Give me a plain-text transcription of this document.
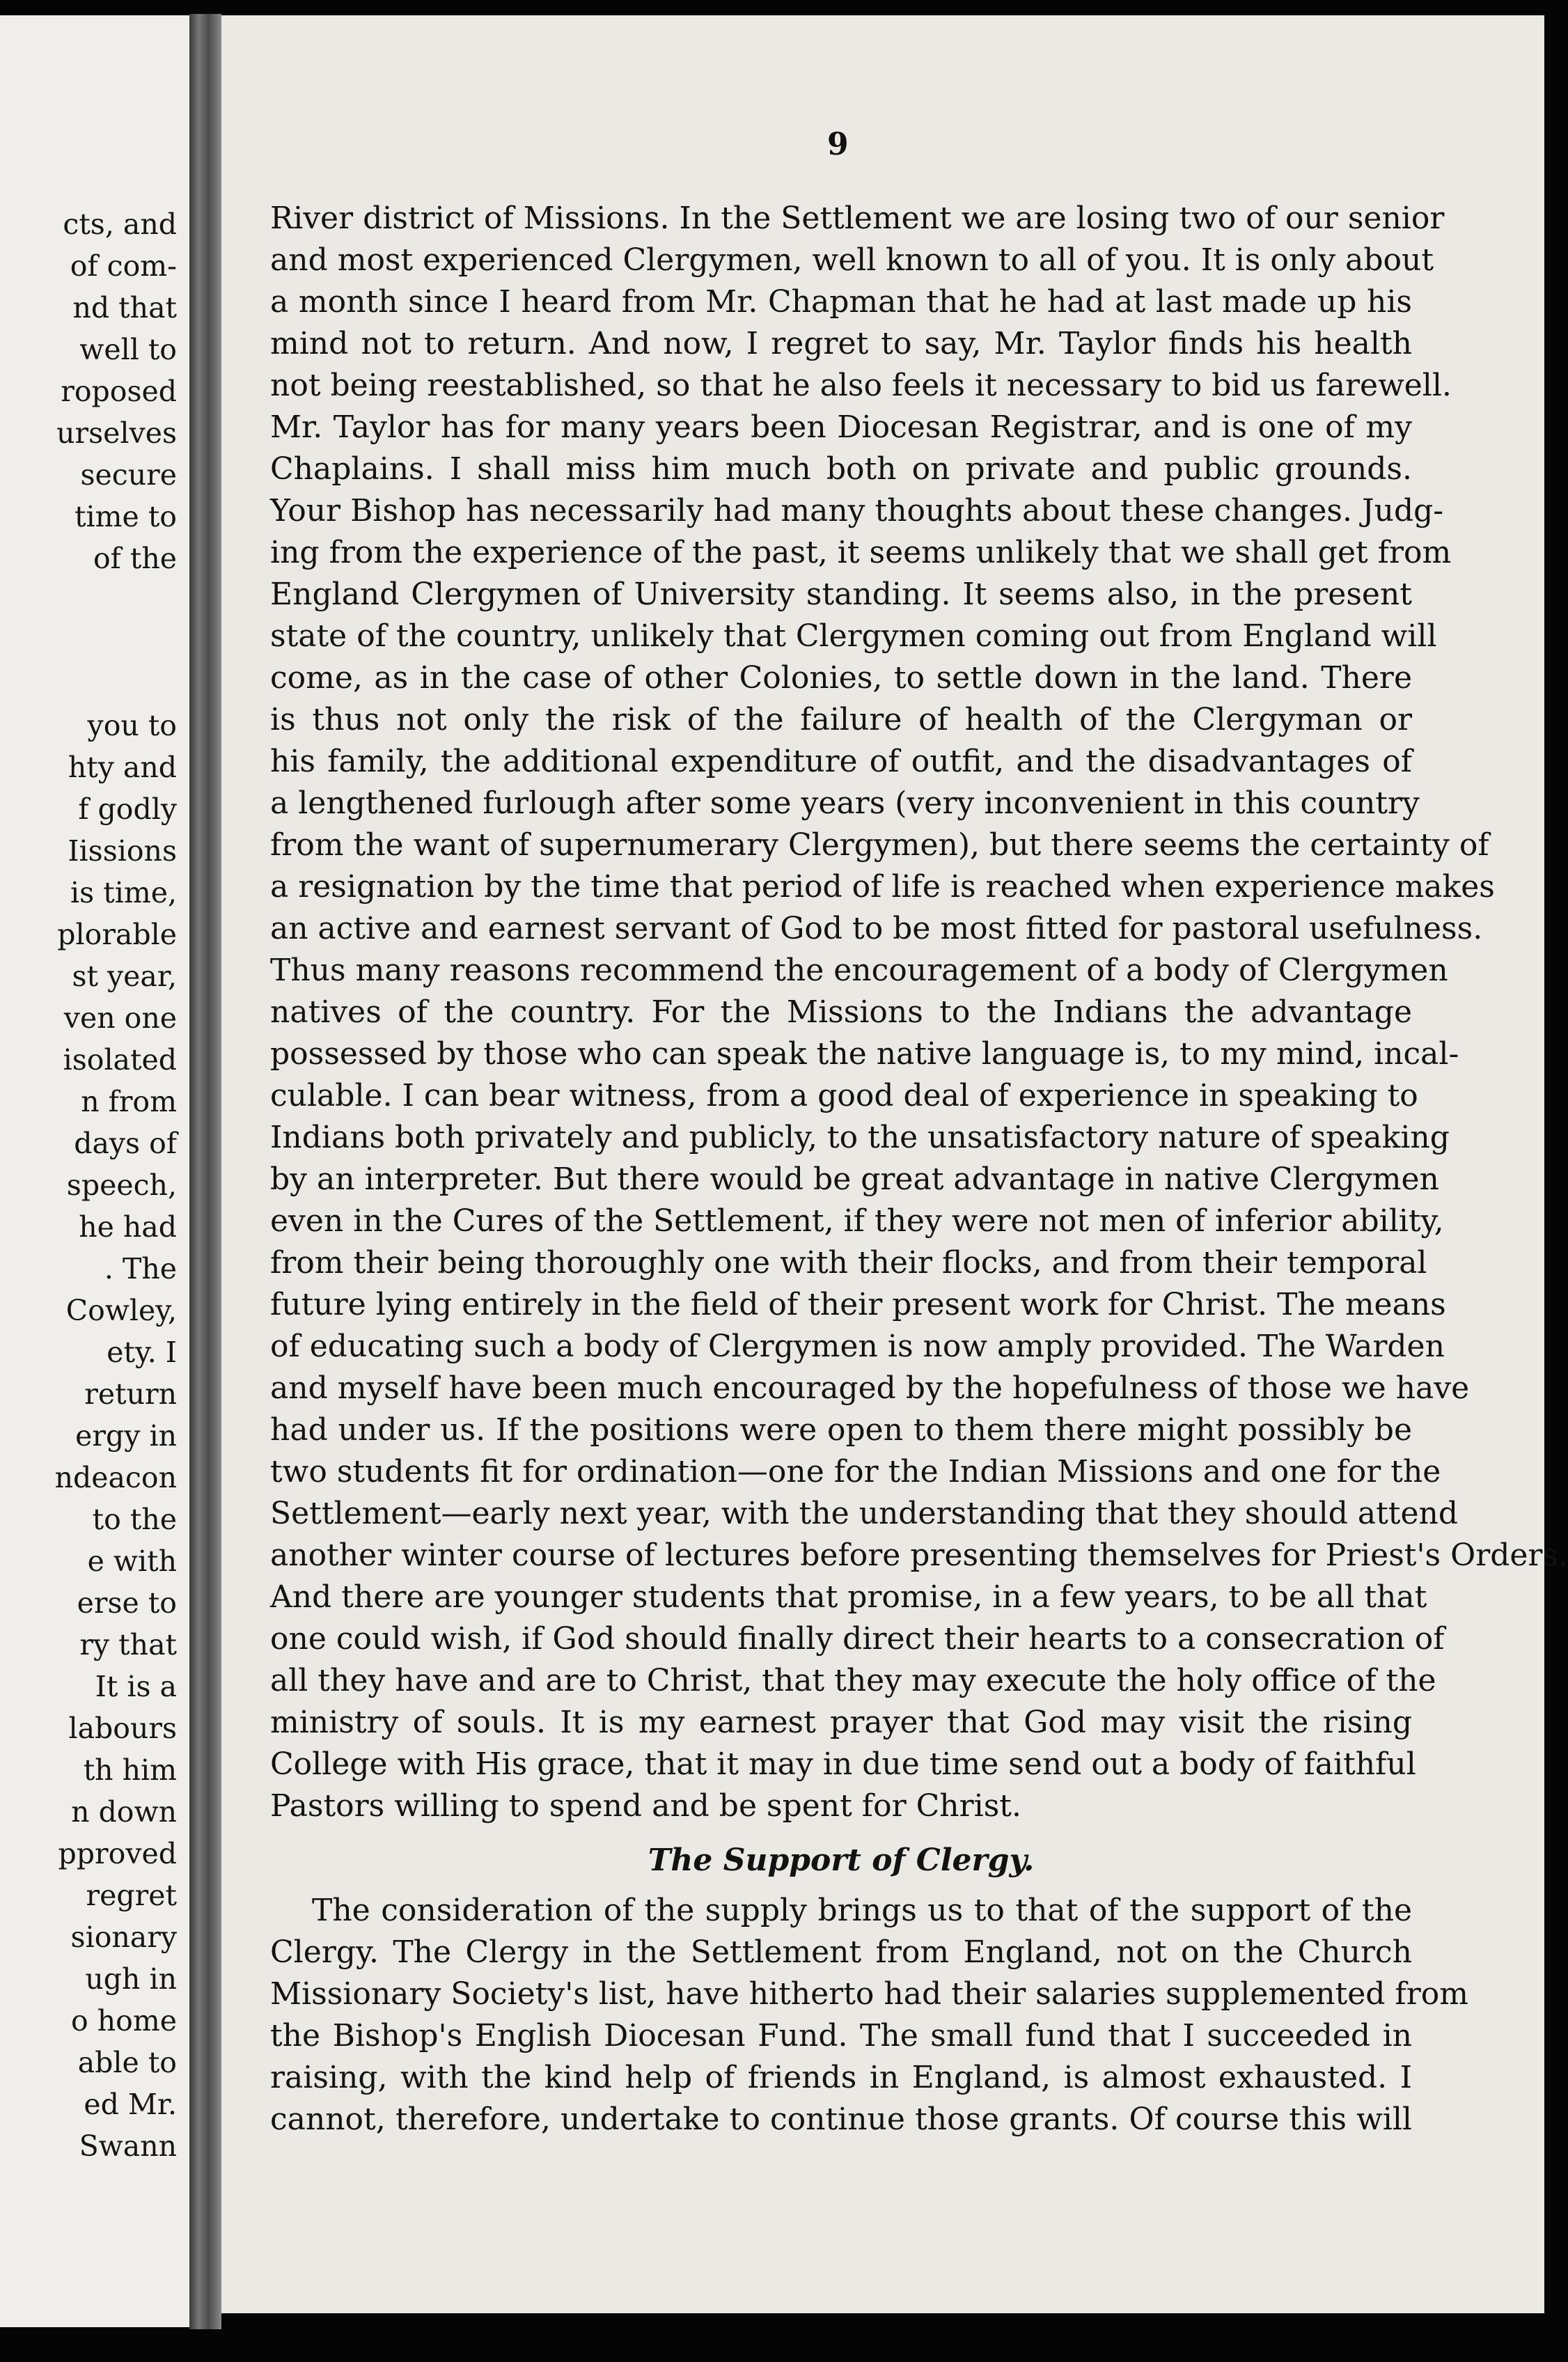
cts, and
of com-
nd that
well to
roposed
urselves
secure
time to
of the
you to
hty and
f godly
Iissions
is time,
plorable
st year,
ven one
isolated
n from
days of
speech,
he had
. The
Cowley,
ety. I
return
ergy in
ndeacon
to the
e with
erse to
ry that
It is a
labours
th him
n down
pproved
regret
sionary
ugh in
o home
able to
ed Mr.
Swann
9
River district of Missions. In the Settlement we are losing two of our senior
and most experienced Clergymen, well known to all of you. It is only about
a month since I heard from Mr. Chapman that he had at last made up his
mind not to return. And now, I regret to say, Mr. Taylor finds his health
not being reestablished, so that he also feels it necessary to bid us farewell.
Mr. Taylor has for many years been Diocesan Registrar, and is one of my
Chaplains. I shall miss him much both on private and public grounds.
Your Bishop has necessarily had many thoughts about these changes. Judg-
ing from the experience of the past, it seems unlikely that we shall get from
England Clergymen of University standing. It seems also, in the present
state of the country, unlikely that Clergymen coming out from England will
come, as in the case of other Colonies, to settle down in the land. There
is thus not only the risk of the failure of health of the Clergyman or
his family, the additional expenditure of outfit, and the disadvantages of
a lengthened furlough after some years (very inconvenient in this country
from the want of supernumerary Clergymen), but there seems the certainty of
a resignation by the time that period of life is reached when experience makes
an active and earnest servant of God to be most fitted for pastoral usefulness.
Thus many reasons recommend the encouragement of a body of Clergymen
natives of the country. For the Missions to the Indians the advantage
possessed by those who can speak the native language is, to my mind, incal-
culable. I can bear witness, from a good deal of experience in speaking to
Indians both privately and publicly, to the unsatisfactory nature of speaking
by an interpreter. But there would be great advantage in native Clergymen
even in the Cures of the Settlement, if they were not men of inferior ability,
from their being thoroughly one with their flocks, and from their temporal
future lying entirely in the field of their present work for Christ. The means
of educating such a body of Clergymen is now amply provided. The Warden
and myself have been much encouraged by the hopefulness of those we have
had under us. If the positions were open to them there might possibly be
two students fit for ordination—one for the Indian Missions and one for the
Settlement—early next year, with the understanding that they should attend
another winter course of lectures before presenting themselves for Priest's Orders.
And there are younger students that promise, in a few years, to be all that
one could wish, if God should finally direct their hearts to a consecration of
all they have and are to Christ, that they may execute the holy office of the
ministry of souls. It is my earnest prayer that God may visit the rising
College with His grace, that it may in due time send out a body of faithful
Pastors willing to spend and be spent for Christ.
The Support of Clergy.
The consideration of the supply brings us to that of the support of the
Clergy. The Clergy in the Settlement from England, not on the Church
Missionary Society's list, have hitherto had their salaries supplemented from
the Bishop's English Diocesan Fund. The small fund that I succeeded in
raising, with the kind help of friends in England, is almost exhausted. I
cannot, therefore, undertake to continue those grants. Of course this will
